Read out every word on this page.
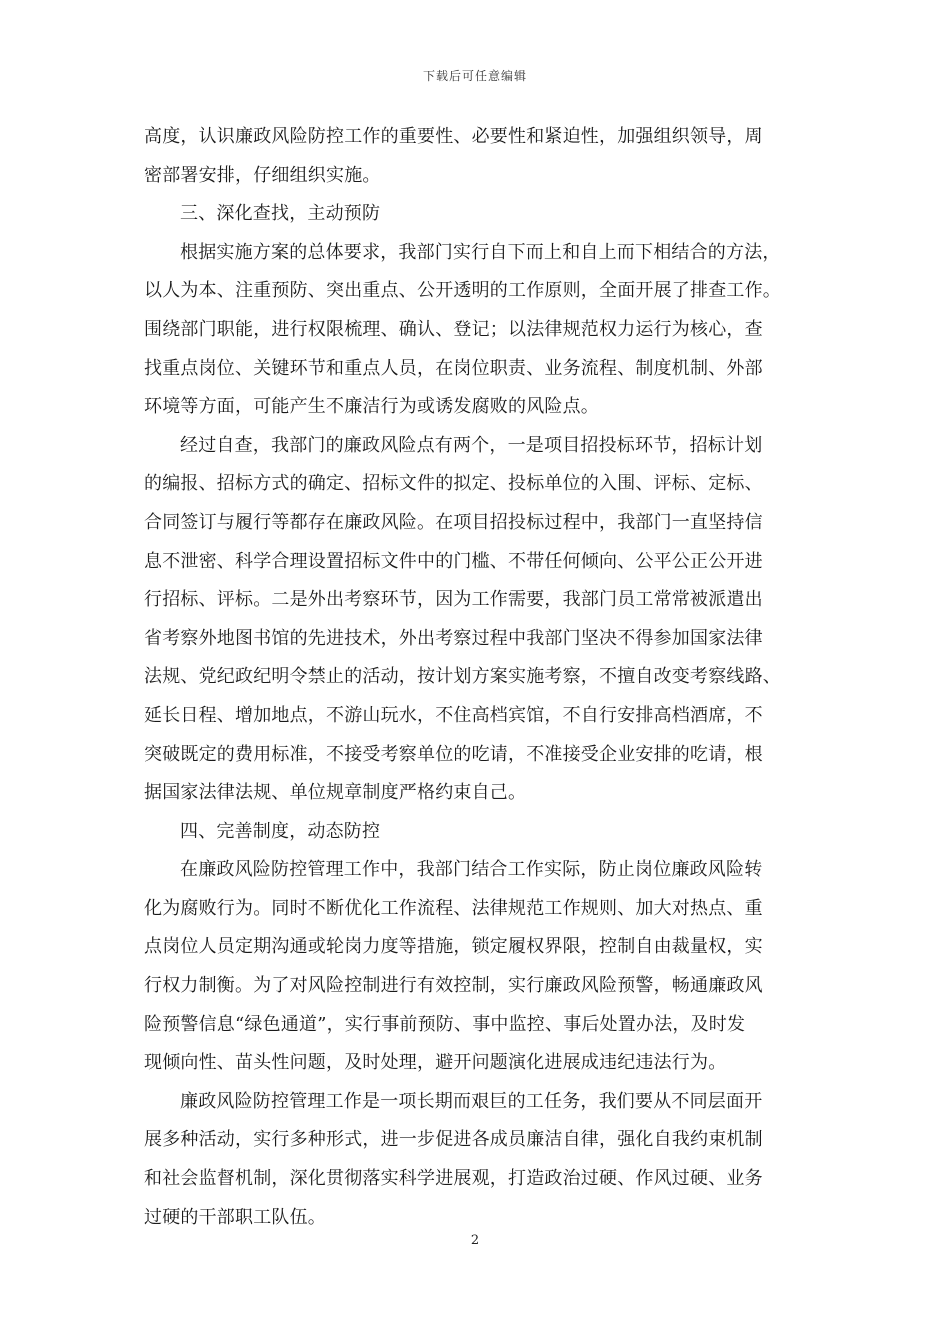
下载后可任意编辑
高度，认识廉政风险防控工作的重要性、必要性和紧迫性，加强组织领导，周
密部署安排，仔细组织实施。
三、深化查找，主动预防
根据实施方案的总体要求，我部门实行自下而上和自上而下相结合的方法，
以人为本、注重预防、突出重点、公开透明的工作原则，全面开展了排查工作。
围绕部门职能，进行权限梳理、确认、登记；以法律规范权力运行为核心，查
找重点岗位、关键环节和重点人员，在岗位职责、业务流程、制度机制、外部
环境等方面，可能产生不廉洁行为或诱发腐败的风险点。
经过自查，我部门的廉政风险点有两个，一是项目招投标环节，招标计划
的编报、招标方式的确定、招标文件的拟定、投标单位的入围、评标、定标、
合同签订与履行等都存在廉政风险。在项目招投标过程中，我部门一直坚持信
息不泄密、科学合理设置招标文件中的门槛、不带任何倾向、公平公正公开进
行招标、评标。二是外出考察环节，因为工作需要，我部门员工常常被派遣出
省考察外地图书馆的先进技术，外出考察过程中我部门坚决不得参加国家法律
法规、党纪政纪明令禁止的活动，按计划方案实施考察，不擅自改变考察线路、
延长日程、增加地点，不游山玩水，不住高档宾馆，不自行安排高档酒席，不
突破既定的费用标准，不接受考察单位的吃请，不准接受企业安排的吃请，根
据国家法律法规、单位规章制度严格约束自己。
四、完善制度，动态防控
在廉政风险防控管理工作中，我部门结合工作实际，防止岗位廉政风险转
化为腐败行为。同时不断优化工作流程、法律规范工作规则、加大对热点、重
点岗位人员定期沟通或轮岗力度等措施，锁定履权界限，控制自由裁量权，实
行权力制衡。为了对风险控制进行有效控制，实行廉政风险预警，畅通廉政风
险预警信息“绿色通道”，实行事前预防、事中监控、事后处置办法，及时发
现倾向性、苗头性问题，及时处理，避开问题演化进展成违纪违法行为。
廉政风险防控管理工作是一项长期而艰巨的工任务，我们要从不同层面开
展多种活动，实行多种形式，进一步促进各成员廉洁自律，强化自我约束机制
和社会监督机制，深化贯彻落实科学进展观，打造政治过硬、作风过硬、业务
过硬的干部职工队伍。
2
